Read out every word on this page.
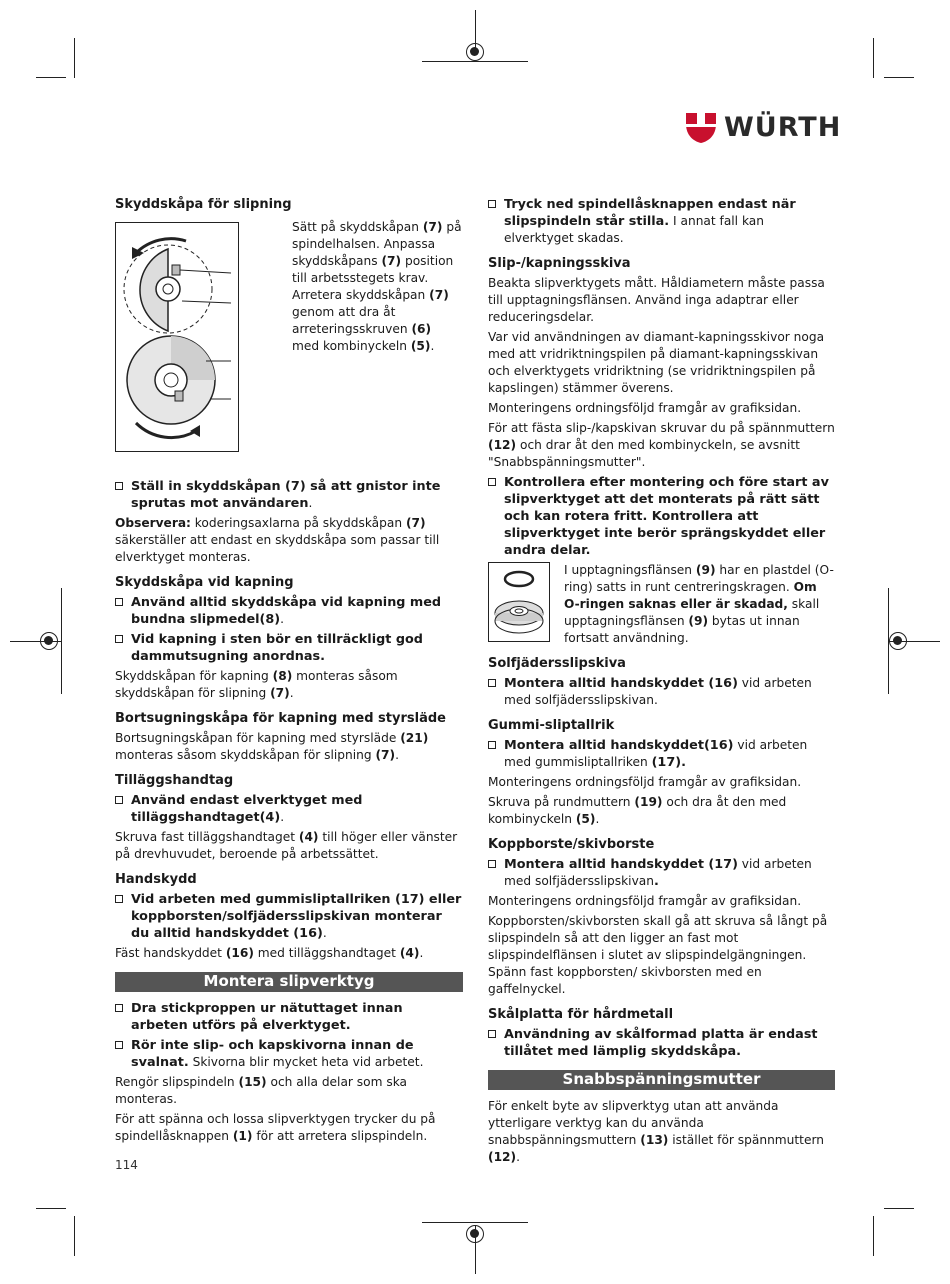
WÜRTH
Sätt på skyddskåpan (7) på spindelhalsen. Anpassa skyddskåpans (7) position till arbetsstegets krav. Arretera skyddskåpan (7) genom att dra åt arreteringsskruven (6) med kombinyckeln (5).
Skyddskåpa för slipning
Ställ in skyddskåpan (7) så att gnistor inte sprutas mot användaren.
Observera: koderingsaxlarna på skyddskåpan (7) säkerställer att endast en skyddskåpa som passar till elverktyget monteras.
Skyddskåpa vid kapning
Använd alltid skyddskåpa vid kapning med bundna slipmedel(8).
Vid kapning i sten bör en tillräckligt god dammutsugning anordnas.
Skyddskåpan för kapning (8) monteras såsom skyddskåpan för slipning (7).
Bortsugningskåpa för kapning med styrsläde
Bortsugningskåpan för kapning med styrsläde (21) monteras såsom skyddskåpan för slipning (7).
Tilläggshandtag
Använd endast elverktyget med tilläggshandtaget(4).
Skruva fast tilläggshandtaget (4) till höger eller vänster på drevhuvudet, beroende på arbetssättet.
Handskydd
Vid arbeten med gummisliptallriken (17) eller koppborsten/solfjädersslipskivan monterar du alltid handskyddet (16).
Fäst handskyddet (16) med tilläggshandtaget (4).
Montera slipverktyg
Dra stickproppen ur nätuttaget innan arbeten utförs på elverktyget.
Rör inte slip- och kapskivorna innan de svalnat. Skivorna blir mycket heta vid arbetet.
Rengör slipspindeln (15) och alla delar som ska monteras.
För att spänna och lossa slipverktygen trycker du på spindellåsknappen (1) för att arretera slipspindeln.
Tryck ned spindellåsknappen endast när slipspindeln står stilla. I annat fall kan elverktyget skadas.
Slip-/kapningsskiva
Beakta slipverktygets mått. Håldiametern måste passa till upptagningsflänsen. Använd inga adaptrar eller reduceringsdelar.
Var vid användningen av diamant-kapningsskivor noga med att vridriktningspilen på diamant-kapningsskivan och elverktygets vridriktning (se vridriktningspilen på kapslingen) stämmer överens.
Monteringens ordningsföljd framgår av grafiksidan.
För att fästa slip-/kapskivan skruvar du på spännmuttern (12) och drar åt den med kombinyckeln, se avsnitt "Snabbspänningsmutter".
Kontrollera efter montering och före start av slipverktyget att det monterats på rätt sätt och kan rotera fritt. Kontrollera att slipverktyget inte berör sprängskyddet eller andra delar.
I upptagningsflänsen (9) har en plastdel (O-ring) satts in runt centreringskragen. Om O-ringen saknas eller är skadad, skall upptagningsflänsen (9) bytas ut innan fortsatt användning.
Solfjädersslipskiva
Montera alltid handskyddet (16) vid arbeten med solfjädersslipskivan.
Gummi-sliptallrik
Montera alltid handskyddet(16) vid arbeten med gummisliptallriken (17).
Monteringens ordningsföljd framgår av grafiksidan.
Skruva på rundmuttern (19) och dra åt den med kombinyckeln (5).
Koppborste/skivborste
Montera alltid handskyddet (17) vid arbeten med solfjädersslipskivan.
Monteringens ordningsföljd framgår av grafiksidan.
Koppborsten/skivborsten skall gå att skruva så långt på slipspindeln så att den ligger an fast mot slipspindelflänsen i slutet av slipspindelgängningen. Spänn fast koppborsten/ skivborsten med en gaffelnyckel.
Skålplatta för hårdmetall
Användning av skålformad platta är endast tillåtet med lämplig skyddskåpa.
Snabbspänningsmutter
För enkelt byte av slipverktyg utan att använda ytterligare verktyg kan du använda snabbspänningsmuttern (13) istället för spännmuttern (12).
114
